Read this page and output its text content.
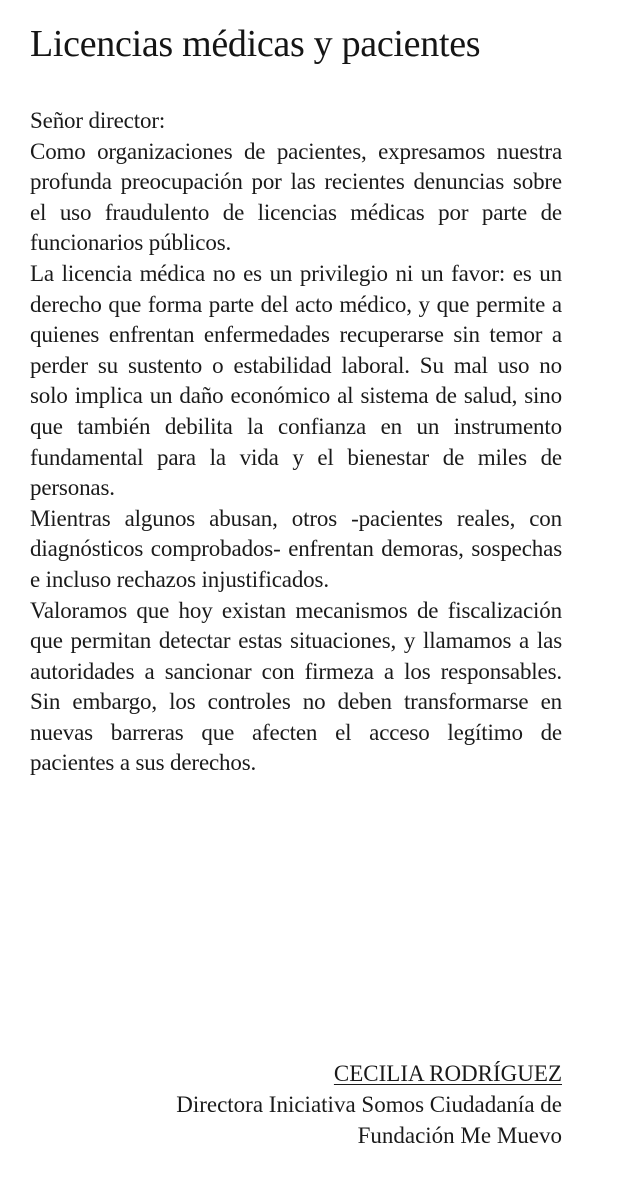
Licencias médicas y pacientes

Señor director:

Como organizaciones de pacientes, expresamos nuestra profunda preocupación por las recientes denuncias sobre el uso fraudulento de licencias médicas por parte de funcionarios públicos.

La licencia médica no es un privilegio ni un favor: es un derecho que forma parte del acto médico, y que permite a quienes enfrentan enfermedades recuperarse sin temor a perder su sustento o estabilidad laboral. Su mal uso no solo implica un daño económico al sistema de salud, sino que también debilita la confianza en un instrumento fundamental para la vida y el bienestar de miles de personas.

Mientras algunos abusan, otros -pacientes reales, con diagnósticos comprobados- enfrentan demoras, sospechas e incluso rechazos injustificados.

Valoramos que hoy existan mecanismos de fiscalización que permitan detectar estas situaciones, y llamamos a las autoridades a sancionar con firmeza a los responsables. Sin embargo, los controles no deben transformarse en nuevas barreras que afecten el acceso legítimo de pacientes a sus derechos.

CECILIA RODRÍGUEZ
Directora Iniciativa Somos Ciudadanía de
Fundación Me Muevo
